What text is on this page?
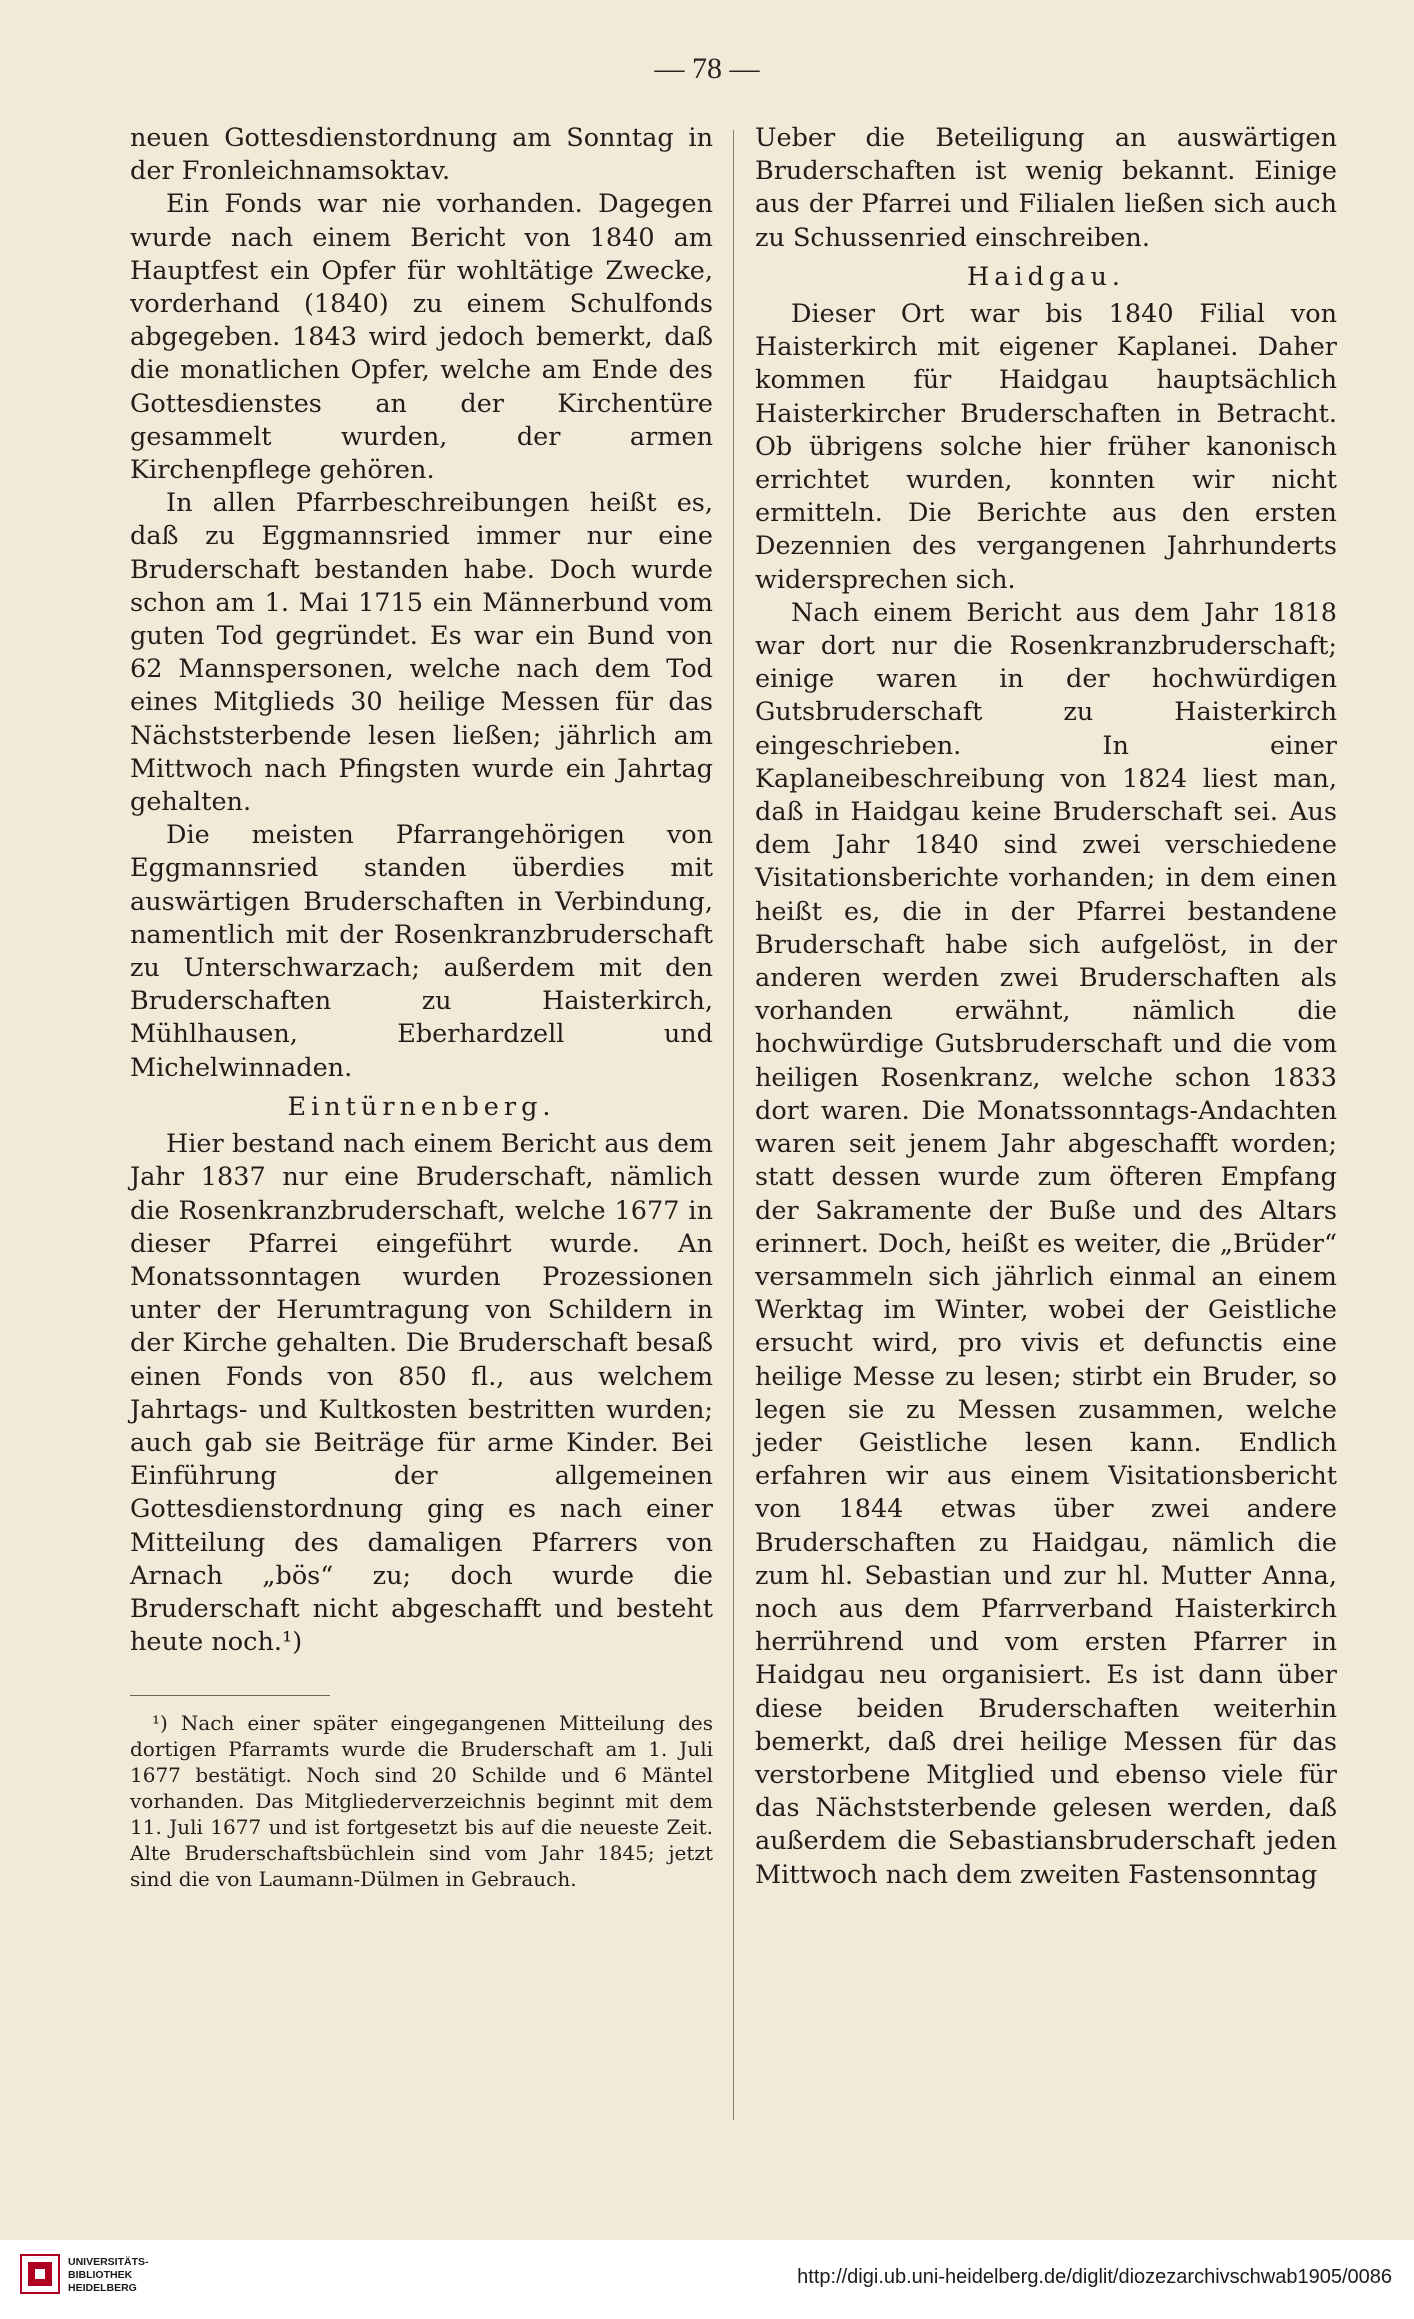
— 78 —

neuen Gottesdienstordnung am Sonntag in der Fronleichnamsoktav.

Ein Fonds war nie vorhanden. Dagegen wurde nach einem Bericht von 1840 am Hauptfest ein Opfer für wohltätige Zwecke, vorderhand (1840) zu einem Schulfonds abgegeben. 1843 wird jedoch bemerkt, daß die monatlichen Opfer, welche am Ende des Gottesdienstes an der Kirchentüre gesammelt wurden, der armen Kirchenpflege gehören.

In allen Pfarrbeschreibungen heißt es, daß zu Eggmannsried immer nur eine Bruderschaft bestanden habe. Doch wurde schon am 1. Mai 1715 ein Männerbund vom guten Tod gegründet. Es war ein Bund von 62 Mannspersonen, welche nach dem Tod eines Mitglieds 30 heilige Messen für das Nächststerbende lesen ließen; jährlich am Mittwoch nach Pfingsten wurde ein Jahrtag gehalten.

Die meisten Pfarrangehörigen von Eggmannsried standen überdies mit auswärtigen Bruderschaften in Verbindung, namentlich mit der Rosenkranzbruderschaft zu Unterschwarzach; außerdem mit den Bruderschaften zu Haisterkirch, Mühlhausen, Eberhardzell und Michelwinnaden.

Eintürnenberg.

Hier bestand nach einem Bericht aus dem Jahr 1837 nur eine Bruderschaft, nämlich die Rosenkranzbruderschaft, welche 1677 in dieser Pfarrei eingeführt wurde. An Monatssonntagen wurden Prozessionen unter der Herumtragung von Schildern in der Kirche gehalten. Die Bruderschaft besaß einen Fonds von 850 fl., aus welchem Jahrtags- und Kultkosten bestritten wurden; auch gab sie Beiträge für arme Kinder. Bei Einführung der allgemeinen Gottesdienstordnung ging es nach einer Mitteilung des damaligen Pfarrers von Arnach „bös“ zu; doch wurde die Bruderschaft nicht abgeschafft und besteht heute noch.¹)

¹) Nach einer später eingegangenen Mitteilung des dortigen Pfarramts wurde die Bruderschaft am 1. Juli 1677 bestätigt. Noch sind 20 Schilde und 6 Mäntel vorhanden. Das Mitgliederverzeichnis beginnt mit dem 11. Juli 1677 und ist fortgesetzt bis auf die neueste Zeit. Alte Bruderschaftsbüchlein sind vom Jahr 1845; jetzt sind die von Laumann-Dülmen in Gebrauch.

Ueber die Beteiligung an auswärtigen Bruderschaften ist wenig bekannt. Einige aus der Pfarrei und Filialen ließen sich auch zu Schussenried einschreiben.

Haidgau.

Dieser Ort war bis 1840 Filial von Haisterkirch mit eigener Kaplanei. Daher kommen für Haidgau hauptsächlich Haisterkircher Bruderschaften in Betracht. Ob übrigens solche hier früher kanonisch errichtet wurden, konnten wir nicht ermitteln. Die Berichte aus den ersten Dezennien des vergangenen Jahrhunderts widersprechen sich.

Nach einem Bericht aus dem Jahr 1818 war dort nur die Rosenkranzbruderschaft; einige waren in der hochwürdigen Gutsbruderschaft zu Haisterkirch eingeschrieben. In einer Kaplaneibeschreibung von 1824 liest man, daß in Haidgau keine Bruderschaft sei. Aus dem Jahr 1840 sind zwei verschiedene Visitationsberichte vorhanden; in dem einen heißt es, die in der Pfarrei bestandene Bruderschaft habe sich aufgelöst, in der anderen werden zwei Bruderschaften als vorhanden erwähnt, nämlich die hochwürdige Gutsbruderschaft und die vom heiligen Rosenkranz, welche schon 1833 dort waren. Die Monatssonntags-Andachten waren seit jenem Jahr abgeschafft worden; statt dessen wurde zum öfteren Empfang der Sakramente der Buße und des Altars erinnert. Doch, heißt es weiter, die „Brüder“ versammeln sich jährlich einmal an einem Werktag im Winter, wobei der Geistliche ersucht wird, pro vivis et defunctis eine heilige Messe zu lesen; stirbt ein Bruder, so legen sie zu Messen zusammen, welche jeder Geistliche lesen kann. Endlich erfahren wir aus einem Visitationsbericht von 1844 etwas über zwei andere Bruderschaften zu Haidgau, nämlich die zum hl. Sebastian und zur hl. Mutter Anna, noch aus dem Pfarrverband Haisterkirch herrührend und vom ersten Pfarrer in Haidgau neu organisiert. Es ist dann über diese beiden Bruderschaften weiterhin bemerkt, daß drei heilige Messen für das verstorbene Mitglied und ebenso viele für das Nächststerbende gelesen werden, daß außerdem die Sebastiansbruderschaft jeden Mittwoch nach dem zweiten Fastensonntag

UNIVERSITÄTS-
BIBLIOTHEK
HEIDELBERG	http://digi.ub.uni-heidelberg.de/diglit/diozezarchivschwab1905/0086
